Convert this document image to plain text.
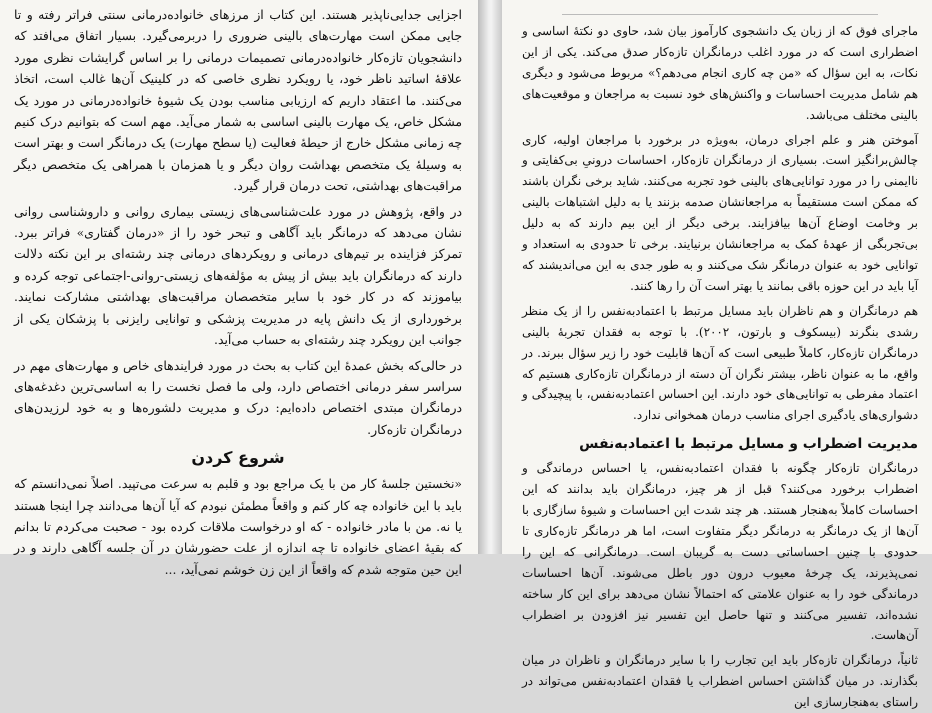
اجزایی جدایی‌ناپذیر هستند. این کتاب از مرزهای خانواده‌درمانی سنتی فراتر رفته و تا جایی ممکن است مهارت‌های بالینی ضروری را دربرمی‌گیرد. بسیار اتفاق می‌افتد که دانشجویان تازه‌کار خانواده‌درمانی تصمیمات درمانی را بر اساس گرایشات نظری مورد علاقهٔ اساتید ناظر خود، یا رویکرد نظری خاصی که در کلینیک آن‌ها غالب است، اتخاذ می‌کنند. ما اعتقاد داریم که ارزیابی مناسب بودن یک شیوهٔ خانواده‌درمانی در مورد یک مشکل خاص، یک مهارت بالینی اساسی به شمار می‌آید. مهم است که بتوانیم درک کنیم چه زمانی مشکل خارج از حیطهٔ فعالیت (یا سطح مهارت) یک درمانگر است و بهتر است به وسیلهٔ یک متخصص بهداشت روان دیگر و یا همزمان با همراهی یک متخصص دیگر مراقبت‌های بهداشتی، تحت درمان قرار گیرد.

در واقع، پژوهش در مورد علت‌شناسی‌های زیستی بیماری روانی و داروشناسی روانی نشان می‌دهد که درمانگر باید آگاهی و تبحر خود را از «درمان گفتاری» فراتر ببرد. تمرکز فزاینده بر تیم‌های درمانی و رویکردهای درمانی چند رشته‌ای بر این نکته دلالت دارند که درمانگران باید بیش از پیش به مؤلفه‌های زیستی-روانی-اجتماعی توجه کرده و بیاموزند که در کار خود با سایر متخصصان مراقبت‌های بهداشتی مشارکت نمایند. برخورداری از یک دانش پایه در مدیریت پزشکی و توانایی رایزنی با پزشکان یکی از جوانب این رویکرد چند رشته‌ای به حساب می‌آید.

در حالی‌که بخش عمدهٔ این کتاب به بحث در مورد فرایندهای خاص و مهارت‌های مهم در سراسر سفر درمانی اختصاص دارد، ولی ما فصل نخست را به اساسی‌ترین دغدغه‌های درمانگران مبتدی اختصاص داده‌ایم: درک و مدیریت دلشوره‌ها و به خود لرزیدن‌های درمانگران تازه‌کار.

شروع کردن

«نخستین جلسهٔ کار من با یک مراجع بود و قلبم به سرعت می‌تپید. اصلاً نمی‌دانستم که باید با این خانواده چه کار کنم و واقعاً مطمئن نبودم که آیا آن‌ها می‌دانند چرا اینجا هستند یا نه. من با مادر خانواده - که او درخواست ملاقات کرده بود - صحبت می‌کردم تا بدانم که بقیهٔ اعضای خانواده تا چه اندازه از علت حضورشان در آن جلسه آگاهی دارند و در این حین متوجه شدم که واقعاً از این زن خوشم نمی‌آید، ...

ماجرای فوق که از زبان یک دانشجوی کارآموز بیان شد، حاوی دو نکتهٔ اساسی و اضطراری است که در مورد اغلب درمانگران تازه‌کار صدق می‌کند. یکی از این نکات، به این سؤال که «من چه کاری انجام می‌دهم؟» مربوط می‌شود و دیگری هم شامل مدیریت احساسات و واکنش‌های خود نسبت به مراجعان و موقعیت‌های بالینی مختلف می‌باشد.

آموختن هنر و علم اجرای درمان، به‌ویژه در برخورد با مراجعان اولیه، کاری چالش‌برانگیز است. بسیاری از درمانگران تازه‌کار، احساسات درونیِ بی‌کفایتی و ناایمنی را در مورد توانایی‌های بالینی خود تجربه می‌کنند. شاید برخی نگران باشند که ممکن است مستقیماً به مراجعانشان صدمه بزنند یا به دلیل اشتباهات بالینی بر وخامت اوضاع آن‌ها بیافزایند. برخی دیگر از این بیم دارند که به دلیل بی‌تجربگی از عهدهٔ کمک به مراجعانشان برنیایند. برخی تا حدودی به استعداد و توانایی خود به عنوان درمانگر شک می‌کنند و به طور جدی به این می‌اندیشند که آیا باید در این حوزه باقی بمانند یا بهتر است آن را رها کنند.

هم درمانگران و هم ناظران باید مسایل مرتبط با اعتمادبه‌نفس را از یک منظر رشدی بنگرند (بیسکوف و بارتون، ۲۰۰۲). با توجه به فقدان تجربهٔ بالینی درمانگران تازه‌کار، کاملاً طبیعی است که آن‌ها قابلیت خود را زیر سؤال ببرند. در واقع، ما به عنوان ناظر، بیشتر نگران آن دسته از درمانگران تازه‌کاری هستیم که اعتماد مفرطی به توانایی‌های خود دارند. این احساس اعتمادبه‌نفس، با پیچیدگی و دشواری‌های یادگیری اجرای مناسب درمان همخوانی ندارد.

مدیریت اضطراب و مسایل مرتبط با اعتمادبه‌نفس

درمانگران تازه‌کار چگونه با فقدان اعتمادبه‌نفس، یا احساس درماندگی و اضطراب برخورد می‌کنند؟ قبل از هر چیز، درمانگران باید بدانند که این احساسات کاملاً به‌هنجار هستند. هر چند شدت این احساسات و شیوهٔ سازگاری با آن‌ها از یک درمانگر به درمانگر دیگر متفاوت است، اما هر درمانگر تازه‌کاری تا حدودی با چنین احساساتی دست به گریبان است. درمانگرانی که این را نمی‌پذیرند، یک چرخهٔ معیوب درون دور باطل می‌شوند. آن‌ها احساسات درماندگی خود را به عنوان علامتی که احتمالاً نشان می‌دهد برای این کار ساخته نشده‌اند، تفسیر می‌کنند و تنها حاصل این تفسیر نیز افزودن بر اضطراب آن‌هاست.

ثانیاً، درمانگران تازه‌کار باید این تجارب را با سایر درمانگران و ناظران در میان بگذارند. در میان گذاشتن احساس اضطراب یا فقدان اعتمادبه‌نفس می‌تواند در راستای به‌هنجارسازی این
